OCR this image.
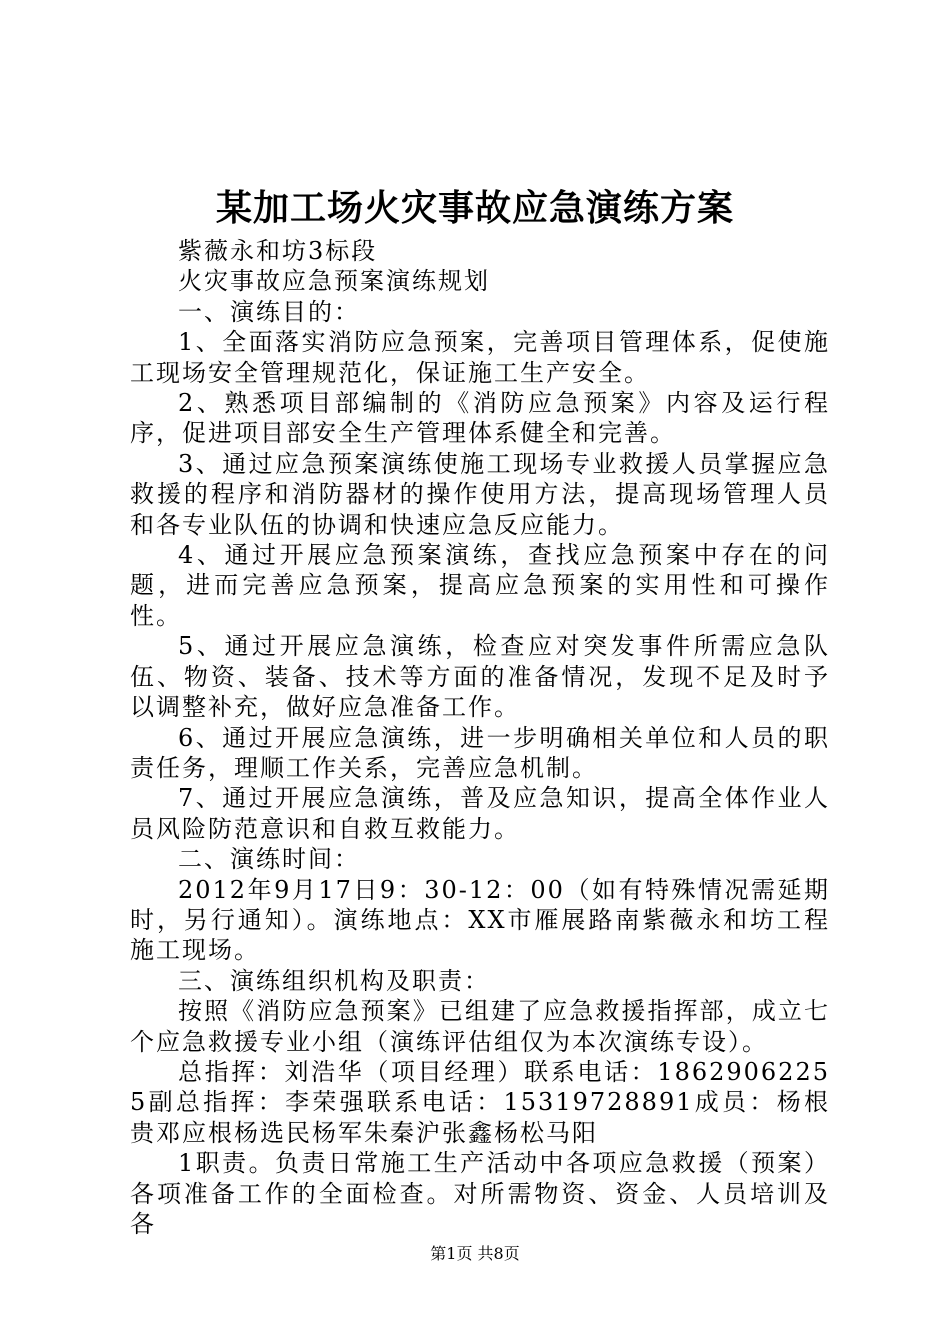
某加工场火灾事故应急演练方案

紫薇永和坊3标段

火灾事故应急预案演练规划

一、演练目的：

1、全面落实消防应急预案，完善项目管理体系，促使施工现场安全管理规范化，保证施工生产安全。

2、熟悉项目部编制的《消防应急预案》内容及运行程序，促进项目部安全生产管理体系健全和完善。

3、通过应急预案演练使施工现场专业救援人员掌握应急救援的程序和消防器材的操作使用方法，提高现场管理人员和各专业队伍的协调和快速应急反应能力。

4、通过开展应急预案演练，查找应急预案中存在的问题，进而完善应急预案，提高应急预案的实用性和可操作性。

5、通过开展应急演练，检查应对突发事件所需应急队伍、物资、装备、技术等方面的准备情况，发现不足及时予以调整补充，做好应急准备工作。

6、通过开展应急演练，进一步明确相关单位和人员的职责任务，理顺工作关系，完善应急机制。

7、通过开展应急演练，普及应急知识，提高全体作业人员风险防范意识和自救互救能力。

二、演练时间：

2012年9月17日9：30-12：00（如有特殊情况需延期时，另行通知）。演练地点：XX市雁展路南紫薇永和坊工程施工现场。

三、演练组织机构及职责：

按照《消防应急预案》已组建了应急救援指挥部，成立七个应急救援专业小组（演练评估组仅为本次演练专设）。

总指挥：刘浩华（项目经理）联系电话：18629062255副总指挥：李荣强联系电话：15319728891成员：杨根贵邓应根杨选民杨军朱秦沪张鑫杨松马阳

1职责。负责日常施工生产活动中各项应急救援（预案）各项准备工作的全面检查。对所需物资、资金、人员培训及各

第1页 共8页
